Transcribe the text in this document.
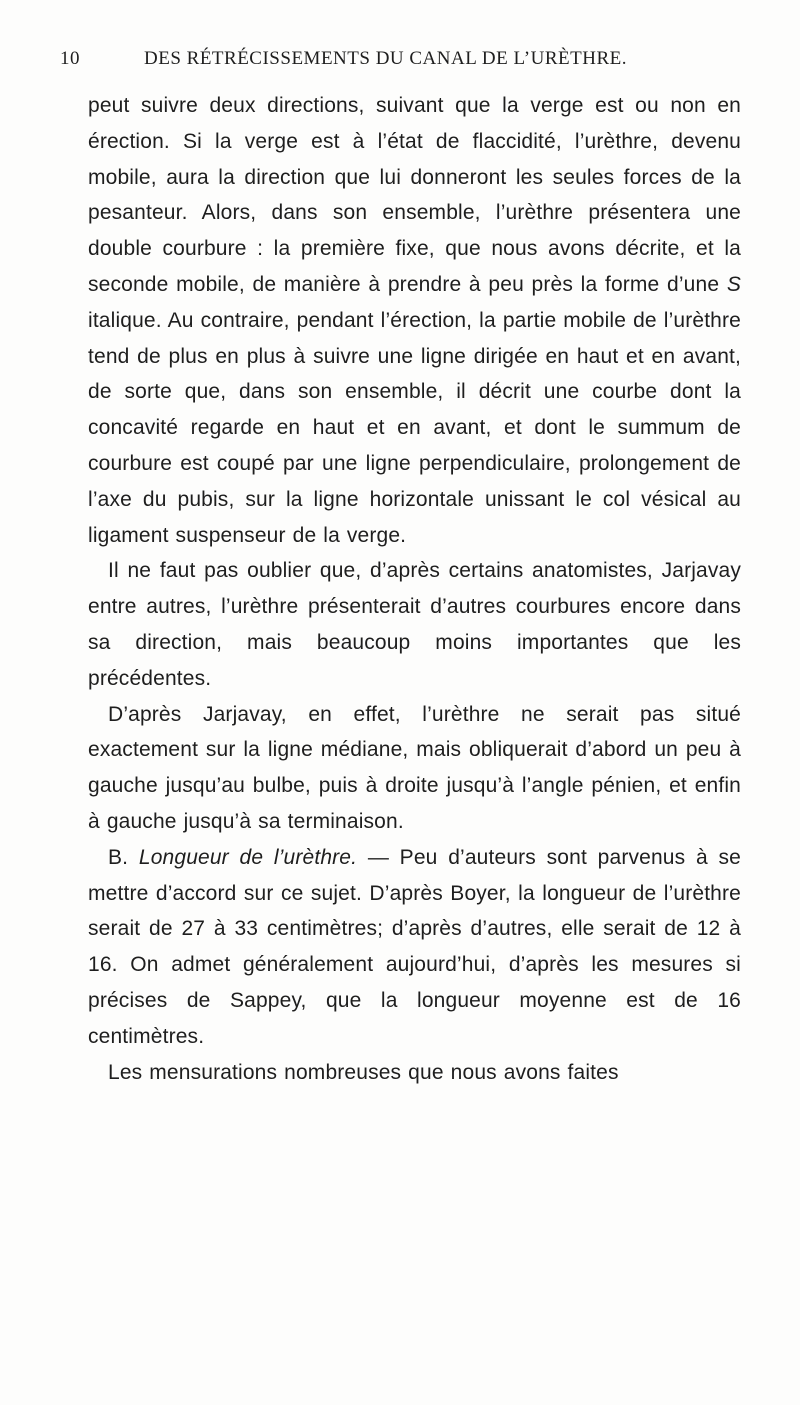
10	DES RÉTRÉCISSEMENTS DU CANAL DE L’URÈTHRE.

peut suivre deux directions, suivant que la verge est ou non en érection. Si la verge est à l’état de flaccidité, l’urèthre, devenu mobile, aura la direction que lui donneront les seules forces de la pesanteur. Alors, dans son ensemble, l’urèthre présentera une double courbure : la première fixe, que nous avons décrite, et la seconde mobile, de manière à prendre à peu près la forme d’une S italique. Au contraire, pendant l’érection, la partie mobile de l’urèthre tend de plus en plus à suivre une ligne dirigée en haut et en avant, de sorte que, dans son ensemble, il décrit une courbe dont la concavité regarde en haut et en avant, et dont le summum de courbure est coupé par une ligne perpendiculaire, prolongement de l’axe du pubis, sur la ligne horizontale unissant le col vésical au ligament suspenseur de la verge.

Il ne faut pas oublier que, d’après certains anatomistes, Jarjavay entre autres, l’urèthre présenterait d’autres courbures encore dans sa direction, mais beaucoup moins importantes que les précédentes.

D’après Jarjavay, en effet, l’urèthre ne serait pas situé exactement sur la ligne médiane, mais obliquerait d’abord un peu à gauche jusqu’au bulbe, puis à droite jusqu’à l’angle pénien, et enfin à gauche jusqu’à sa terminaison.

B. Longueur de l’urèthre. — Peu d’auteurs sont parvenus à se mettre d’accord sur ce sujet. D’après Boyer, la longueur de l’urèthre serait de 27 à 33 centimètres; d’après d’autres, elle serait de 12 à 16. On admet généralement aujourd’hui, d’après les mesures si précises de Sappey, que la longueur moyenne est de 16 centimètres.

Les mensurations nombreuses que nous avons faites
